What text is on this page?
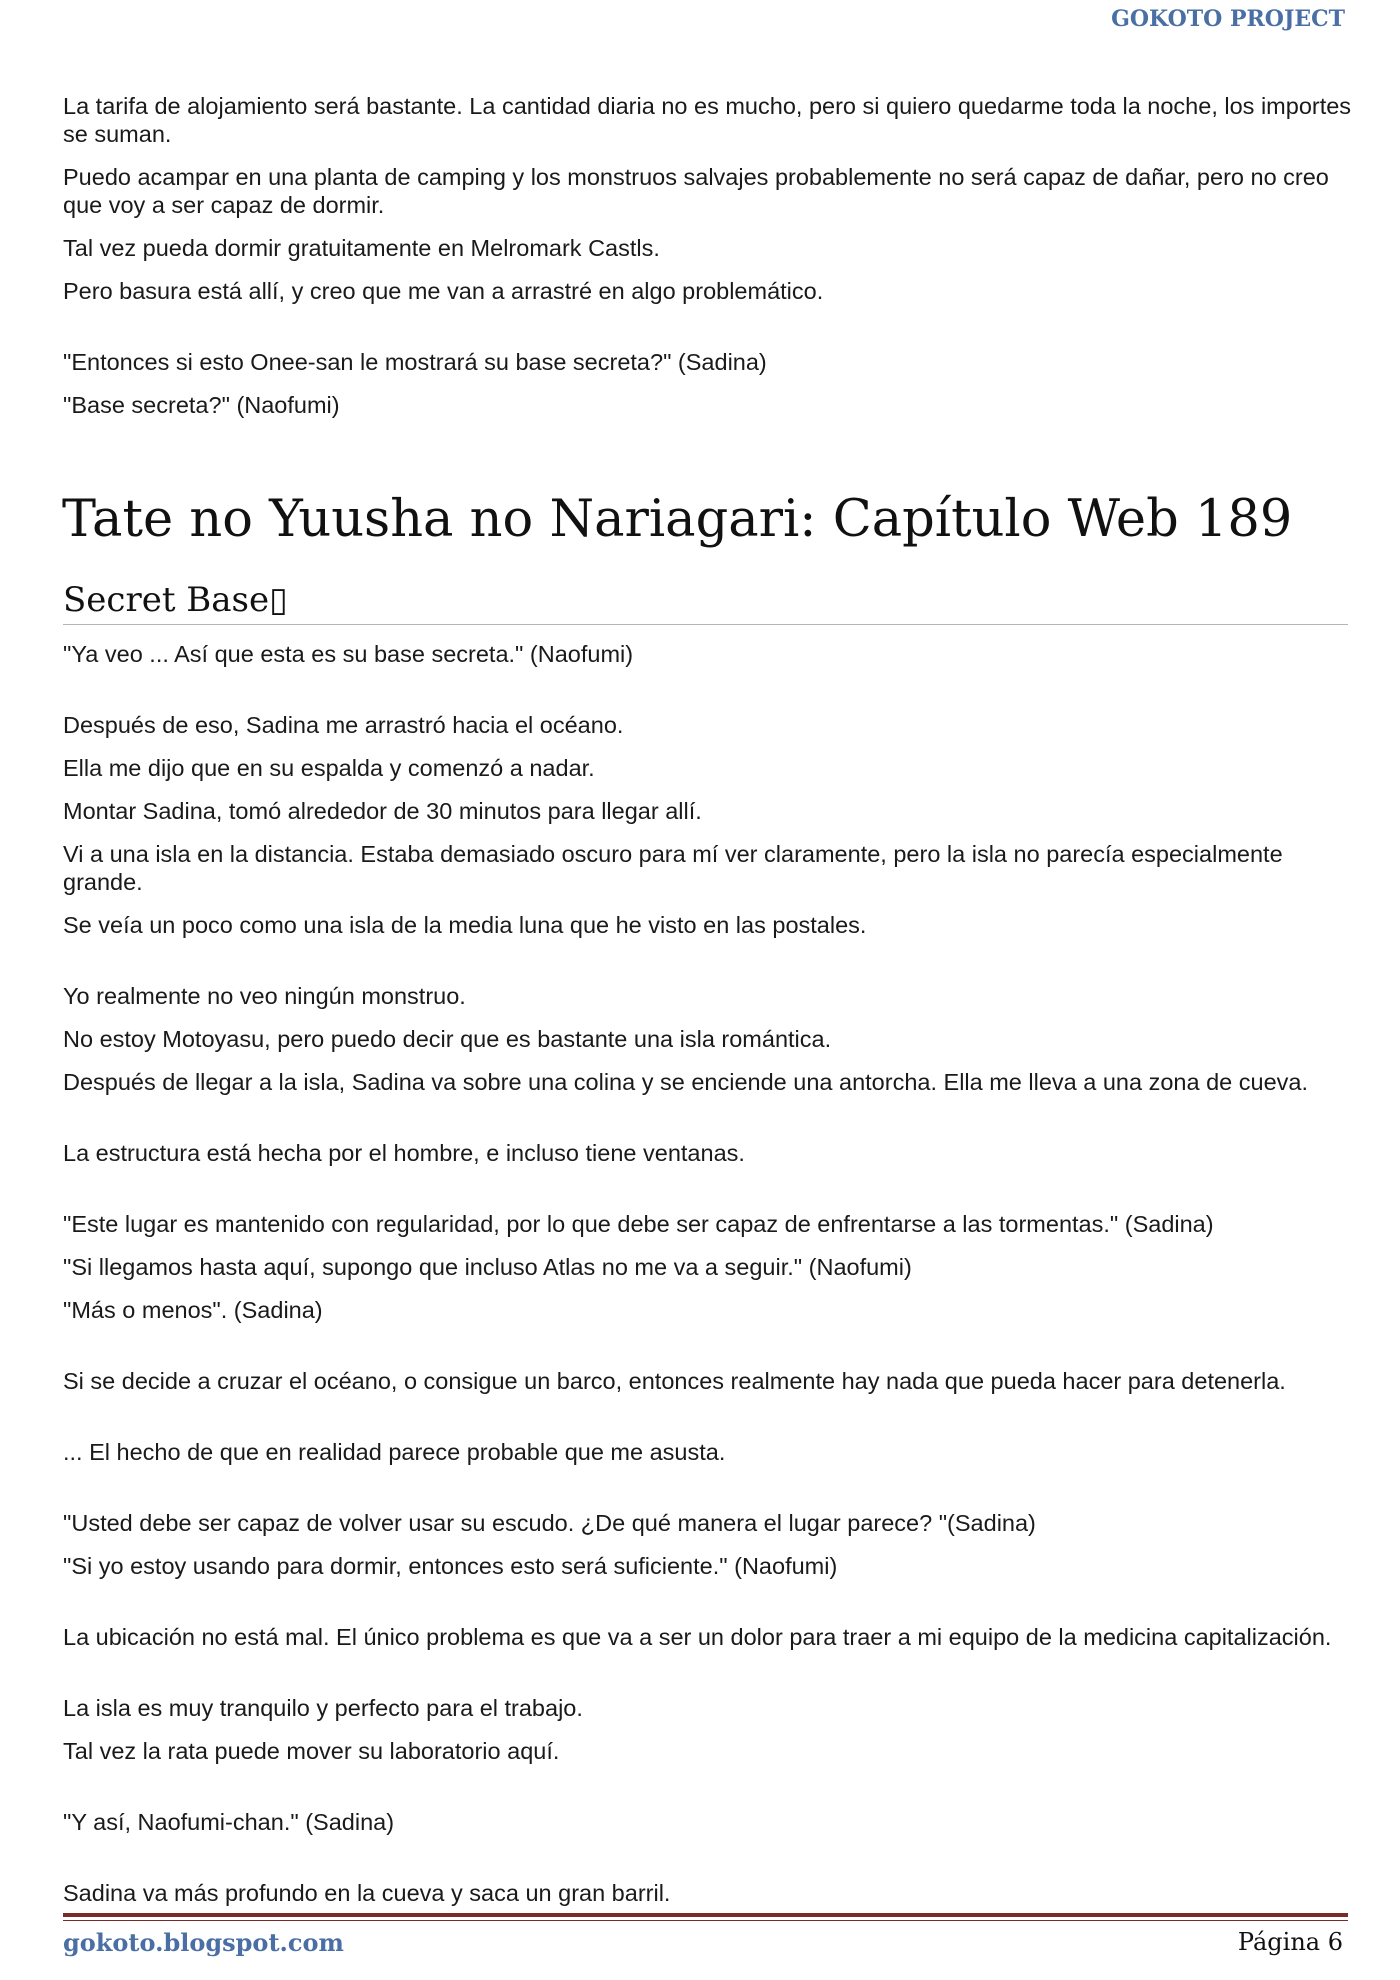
GOKOTO PROJECT

La tarifa de alojamiento será bastante. La cantidad diaria no es mucho, pero si quiero quedarme toda la noche, los importes se suman.

Puedo acampar en una planta de camping y los monstruos salvajes probablemente no será capaz de dañar, pero no creo que voy a ser capaz de dormir.

Tal vez pueda dormir gratuitamente en Melromark Castls.

Pero basura está allí, y creo que me van a arrastré en algo problemático.

"Entonces si esto Onee-san le mostrará su base secreta?" (Sadina)

"Base secreta?" (Naofumi)

Tate no Yuusha no Nariagari: Capítulo Web 189
Secret Base▯

"Ya veo ... Así que esta es su base secreta." (Naofumi)

Después de eso, Sadina me arrastró hacia el océano.

Ella me dijo que en su espalda y comenzó a nadar.

Montar Sadina, tomó alrededor de 30 minutos para llegar allí.

Vi a una isla en la distancia. Estaba demasiado oscuro para mí ver claramente, pero la isla no parecía especialmente grande.

Se veía un poco como una isla de la media luna que he visto en las postales.

Yo realmente no veo ningún monstruo.

No estoy Motoyasu, pero puedo decir que es bastante una isla romántica.

Después de llegar a la isla, Sadina va sobre una colina y se enciende una antorcha. Ella me lleva a una zona de cueva.

La estructura está hecha por el hombre, e incluso tiene ventanas.

"Este lugar es mantenido con regularidad, por lo que debe ser capaz de enfrentarse a las tormentas." (Sadina)

"Si llegamos hasta aquí, supongo que incluso Atlas no me va a seguir." (Naofumi)

"Más o menos". (Sadina)

Si se decide a cruzar el océano, o consigue un barco, entonces realmente hay nada que pueda hacer para detenerla.

... El hecho de que en realidad parece probable que me asusta.

"Usted debe ser capaz de volver usar su escudo. ¿De qué manera el lugar parece? "(Sadina)

"Si yo estoy usando para dormir, entonces esto será suficiente." (Naofumi)

La ubicación no está mal. El único problema es que va a ser un dolor para traer a mi equipo de la medicina capitalización.

La isla es muy tranquilo y perfecto para el trabajo.

Tal vez la rata puede mover su laboratorio aquí.

"Y así, Naofumi-chan." (Sadina)

Sadina va más profundo en la cueva y saca un gran barril.

gokoto.blogspot.com	Página 6
